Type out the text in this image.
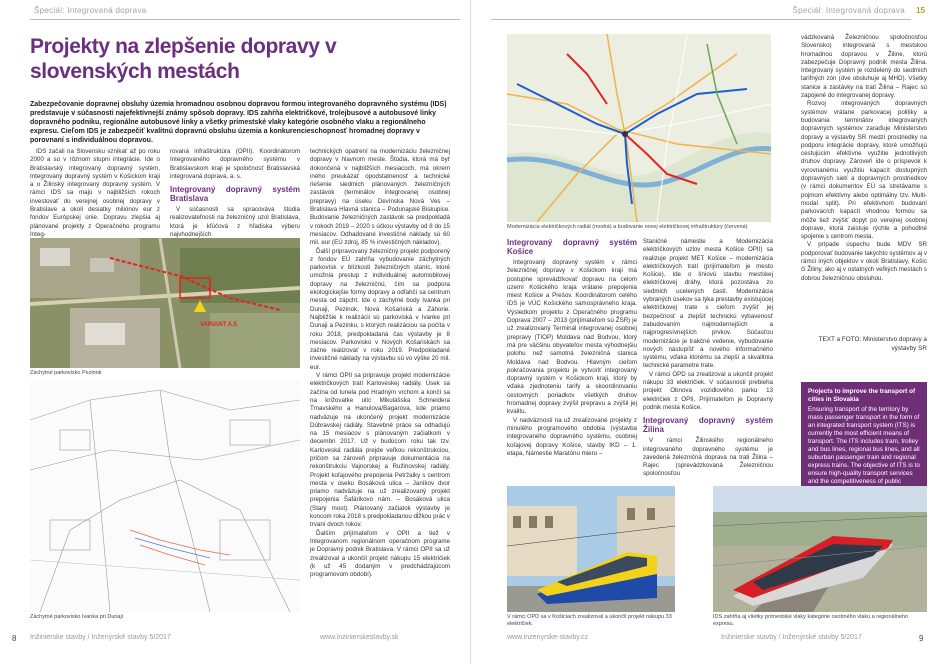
Špeciál: Integrovaná doprava
Projekty na zlepšenie dopravy v slovenských mestách
Zabezpečovanie dopravnej obsluhy územia hromadnou osobnou dopravou formou integrovaného dopravného systému (IDS) predstavuje v súčasnosti najefektívnejší známy spôsob dopravy. IDS zahŕňa električkové, trolejbusové a autobusové linky dopravného podniku, regionálne autobusové linky a všetky prímestské vlaky kategórie osobného vlaku a regionálneho expresu. Cieľom IDS je zabezpečiť kvalitnú dopravnú obsluhu územia a konkurencieschopnosť hromadnej dopravy v porovnaní s individuálnou dopravou.

IDS začali na Slovensku vznikať až po roku 2000 a sú v rôznom stupni integrácie. Ide o Bratislavský integrovaný dopravný systém, Integrovaný dopravný systém v Košickom kraji a o Žilinský integrovaný dopravný systém. V rámci IDS sa majú v najbližších rokoch investovať do verejnej osobnej dopravy v Bratislave a okolí desiatky miliónov eur z fondov Európskej únie. Dopravu zlepšia aj plánované projekty z Operačného programu Integ-

rovaná infraštruktúra (OPII). Koordinátorom Integrovaného dopravného systému v Bratislavskom kraji je spoločnosť Bratislavská integrovaná doprava, a. s.

Integrovaný dopravný systém Bratislava

V súčasnosti sa spracováva štúdia realizovateľnosti na železničný uzol Bratislava, ktorá je kľúčová z hľadiska výberu najvhodnejších

technických opatrení na modernizáciu železničnej dopravy v hlavnom meste. Štúdia, ktorá má byť dokončená v najbližších mesiacoch, má okrem iného preukázať opodstatnenosť a technické riešenie siedmich plánovaných železničných zastávok (terminálov integrovanej osobnej prepravy) na úseku Devínska Nová Ves – Bratislava Hlavná stanica – Podunajské Biskupice. Budovanie železničných zastávok sa predpokladá v rokoch 2019 – 2020 s účkou výstavby od 8 do 15 mesiacov. Odhadované investičné náklady sú 60 mil. eur (EÚ zdroj, 85 % investičných nákladov).

Ďalší pripravovaný železničný projekt podporený z fondov EÚ zahŕňa vybudovanie záchytných parkovísk v blízkosti železničných staníc, ktoré umožnia prestup z individuálnej automobilovej dopravy na železničnú, čím sa podpora ekologickejšie formy dopravy a odľahčí sa centrum mesta od zápcht. Ide o záchytné body Ivanka pri Dunaji, Pezinok, Nová Košariská a Záhorie. Najbližšie k realizácii sú parkoviská v Ivanke pri Dunaji a Pezinku, s ktorých realizáciou sa počíta v roku 2018, predpokladaná čas výstavby je 8 mesiacov. Parkovisko v Nových Košariskách sa začne realizovať v roku 2019. Predpokladané investičné náklady na výstavbu sú vo výške 20 mil. eur.

V rámci OPII sa pripravuje projekt modernizácie električkových tratí Karloveskej radiály. Úsek sa začína od tunela pod Hradným vrchom a končí sa na križovatke ulíc Mikulášska Schneidera Trnavského a Hanulova/Bagarova, kde priamo nadväzuje na ukončený projekt modernizácie Dúbravskej radiály. Stavebné práce sa odhadujú na 15 mesiacov s plánovaným začiatkom v decembri 2017. Už v budúcom roku tak tzv. Karloveská radiála prejde veľkou rekonštrukciou, pričom sa zároveň pripravuje dokumentácia na rekonštrukciu Vajnorskej a Ružinovskej radiály. Projekt koľajového prepojenia Petržalky s centrom mesta v úseku Bosáková ulica – Janíkov dvor priamo nadväzuje na už zrealizovaný projekt prepojenia Šafárikovo nám. – Bosáková ulica (Starý most). Plánovaný začiatok výstavby je koncom roka 2018 s predpokladanou dĺžkou prác v trvaní dvoch rokov.

Ďalším prijímateľom v OPII a tiež v Integrovanom regionálnom operačnom programe je Dopravný podnik Bratislava. V rámci OPII sa už zrealizoval a ukončil projekt nákupu 15 električiek (k už 45 dodaným v predchádzajúcom programovom období).

VARIANT A.5
Záchytné parkovisko Pezinok
Záchytné parkovisko Ivanka pri Dunaji
8 Inžinierske stavby / Inženýrské stavby 5/2017	www.inzinierskestavby.sk
Špeciál: Integrovaná doprava	15
Modernizácia električkových radiál (modrá) a budovanie novej električkovej infraštruktúry (červená)
Integrovaný dopravný systém Košice

Integrovaný dopravný systém v rámci železničnej dopravy v Košickom kraji má postupne sprevádzkovať dopravu na celom území Košického kraja vrátane prepojenia miest Košice a Prešov. Koordinátorom celého IDS je VÚC Košického samosprávneho kraja. Výsledkom projektu z Operačného programu Doprava 2007 – 2013 (prijímateľom sú ŽSR) je už zrealizovaný Terminál integrovanej osobnej prepravy (TIOP) Moldava nad Bodvou, ktorý má pre väčšinu obyvateľov mesta výhodnejšiu polohu než samotná železničná stanica Moldava nad Bodvou. Hlavným cieľom pokračovania projektu je vytvoriť integrovaný dopravný systém v Košickom kraji, ktorý by vďaka zjednoteniu tarify a skoordinovaniu cestovných poriadkov všetkých druhov hromadnej dopravy zvýšil prepravu a zvýšil jej kvalitu.

V nadväznosti na už zrealizované projekty z minulého programového obdobia (výstavba integrovaného dopravného systému, osobnej koľajovej dopravy Košice, stavby IKD – 1. etapa, Námestie Maratónu mieru –

Staničné námestie a Modernizácia električkových uzlov mesta Košice OPII) sa realizuje projekt MET Košice – modernizácia električkových tratí (prijímateľom je mesto Košice). Ide o líniovú stavbu mestskej električkovej dráhy, ktorá pozostáva zo siedmich ucelených častí. Modernizácia vybraných úsekov sa týka prestavby existujúcej električkovej trate s cieľom zvýšiť jej bezpečnosť a zlepšiť technickú vybavenosť zabudovaním najmodernejších a najprogresívnejších prvkov. Súčasťou modernizácie je trakčné vedenie, vybudovanie nových nástupíšť a nového informačného systému, vďaka ktorému sa zlepší a skvalitnia technické parametre trate.

V rámci OPD sa zrealizoval a ukončil projekt nákupu 33 električiek. V súčasnosti prebieha projekt Obnova vozidlového parku 13 električiek z OPII. Prijímateľom je Dopravný podnik mesta Košice.

Integrovaný dopravný systém Žilina

V rámci Žilinského regionálneho integrovaného dopravného systému je zavedená železničná doprava na trati Žilina – Rajec (sprevádzkovaná Železničnou spoločnosťou

vádzkovaná Železničnou spoločnosťou Slovensko) integrovaná s mestskou hromadnou dopravou v Žiline, ktorú zabezpečuje Dopravný podnik mesta Žilina. Integrovaný systém je rozdelený do siedmich tarifných zón (dve obsluhuje aj MHD). Všetky stanice a zastávky na trati Žilina – Rajec sú zapojené do integrovanej dopravy.

Rozvoj integrovaných dopravných systémov vrátane parkovacej politiky a budovania terminálov integrovaných dopravných systémov zaraďuje Ministerstvo dopravy a výstavby SR medzi prostriedky na podporu integrácie dopravy, ktoré umožňujú cestujúcim efektívne využitie jednotlivých druhov dopravy. Zároveň ide o príspevok k vyrovnanému využitiu kapacít dostupných dopravných sietí a dopravných prostriedkov (v rámci dokumentov EÚ sa stretávame s pojmom efektívny alebo optimálny tzv. Multi-modal split). Pri efektívnom budovaní parkovacích kapacít vhodnou formou sa môže tiež zvýšiť dopyt po verejnej osobnej doprave, ktorá zaistuje rýchle a pohodlné spojenie s centrom mesta.

V prípade úspechu bude MDV SR podporovať budovanie takýchto systémov aj v rámci iných objektov v okolí Bratislavy, Košíc či Žiliny, ako aj v ostatných veľkých mestách s dobrou železničnou obsluhou.

TEXT a FOTO: Ministerstvo dopravy a výstavby SR
Projects to improve the transport of cities in Slovakia
Ensuring transport of the territory by mass passenger transport in the form of an integrated transport system (ITS) is currently the most efficient means of transport. The ITS includes tram, trolley and bus lines, regional bus lines, and all suburban passenger train and regional express trains. The objective of ITS is to ensure high-quality transport services and the competitiveness of public
V rámci OPD sa v Košiciach zrealizoval a ukončil projekt nákupu 33 električiek.
IDS zahŕňa aj všetky prímestské vlaky kategórie osobného vlaku a regionálneho expresu.
www.inzenyrske-stavby.cz	Inžinierske stavby / Inženýrské stavby 5/2017	9
